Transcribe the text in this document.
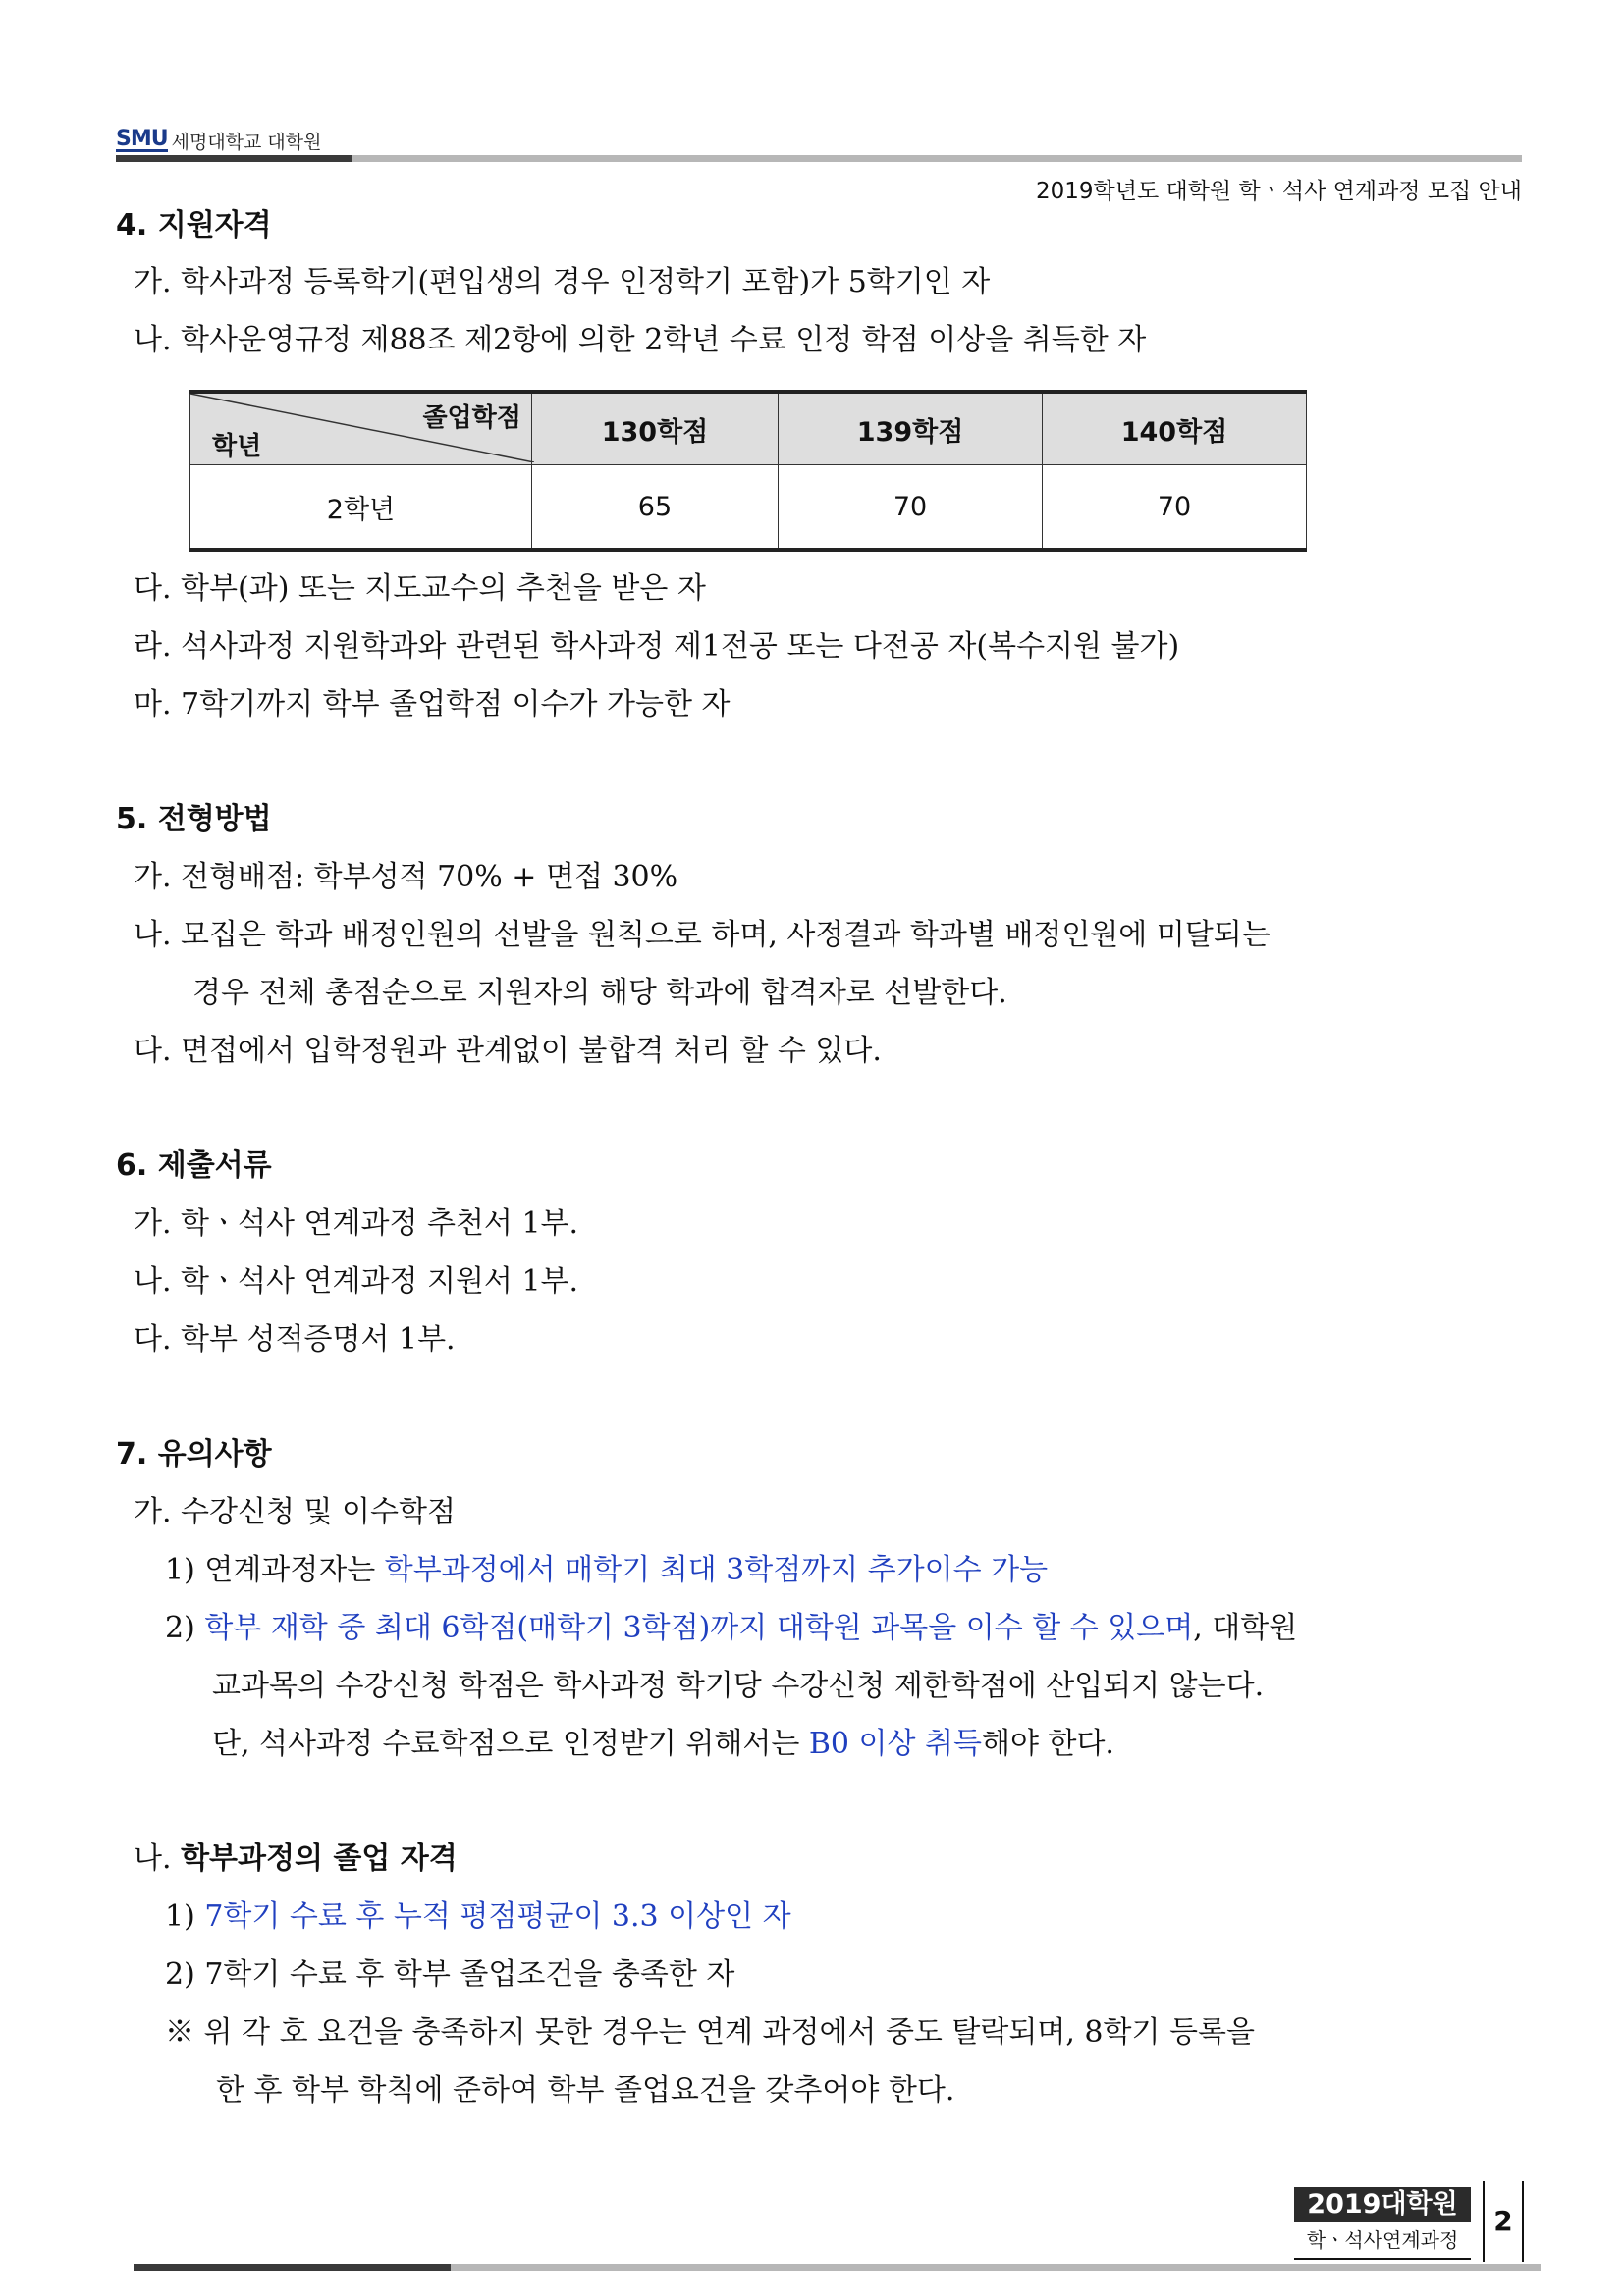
SMU 세명대학교 대학원
2019학년도 대학원 학ㆍ석사 연계과정 모집 안내
4. 지원자격
가. 학사과정 등록학기(편입생의 경우 인정학기 포함)가 5학기인 자
나. 학사운영규정 제88조 제2항에 의한 2학년 수료 인정 학점 이상을 취득한 자
졸업학점
학년	130학점	139학점	140학점
2학년	65	70	70
다. 학부(과) 또는 지도교수의 추천을 받은 자
라. 석사과정 지원학과와 관련된 학사과정 제1전공 또는 다전공 자(복수지원 불가)
마. 7학기까지 학부 졸업학점 이수가 가능한 자
5. 전형방법
가. 전형배점: 학부성적 70% + 면접 30%
나. 모집은 학과 배정인원의 선발을 원칙으로 하며, 사정결과 학과별 배정인원에 미달되는
경우 전체 총점순으로 지원자의 해당 학과에 합격자로 선발한다.
다. 면접에서 입학정원과 관계없이 불합격 처리 할 수 있다.
6. 제출서류
가. 학ㆍ석사 연계과정 추천서 1부.
나. 학ㆍ석사 연계과정 지원서 1부.
다. 학부 성적증명서 1부.
7. 유의사항
가. 수강신청 및 이수학점
1) 연계과정자는 학부과정에서 매학기 최대 3학점까지 추가이수 가능
2) 학부 재학 중 최대 6학점(매학기 3학점)까지 대학원 과목을 이수 할 수 있으며, 대학원
교과목의 수강신청 학점은 학사과정 학기당 수강신청 제한학점에 산입되지 않는다.
단, 석사과정 수료학점으로 인정받기 위해서는 B0 이상 취득해야 한다.
나. 학부과정의 졸업 자격
1) 7학기 수료 후 누적 평점평균이 3.3 이상인 자
2) 7학기 수료 후 학부 졸업조건을 충족한 자
※ 위 각 호 요건을 충족하지 못한 경우는 연계 과정에서 중도 탈락되며, 8학기 등록을
한 후 학부 학칙에 준하여 학부 졸업요건을 갖추어야 한다.
2019대학원
학ㆍ석사연계과정
2
